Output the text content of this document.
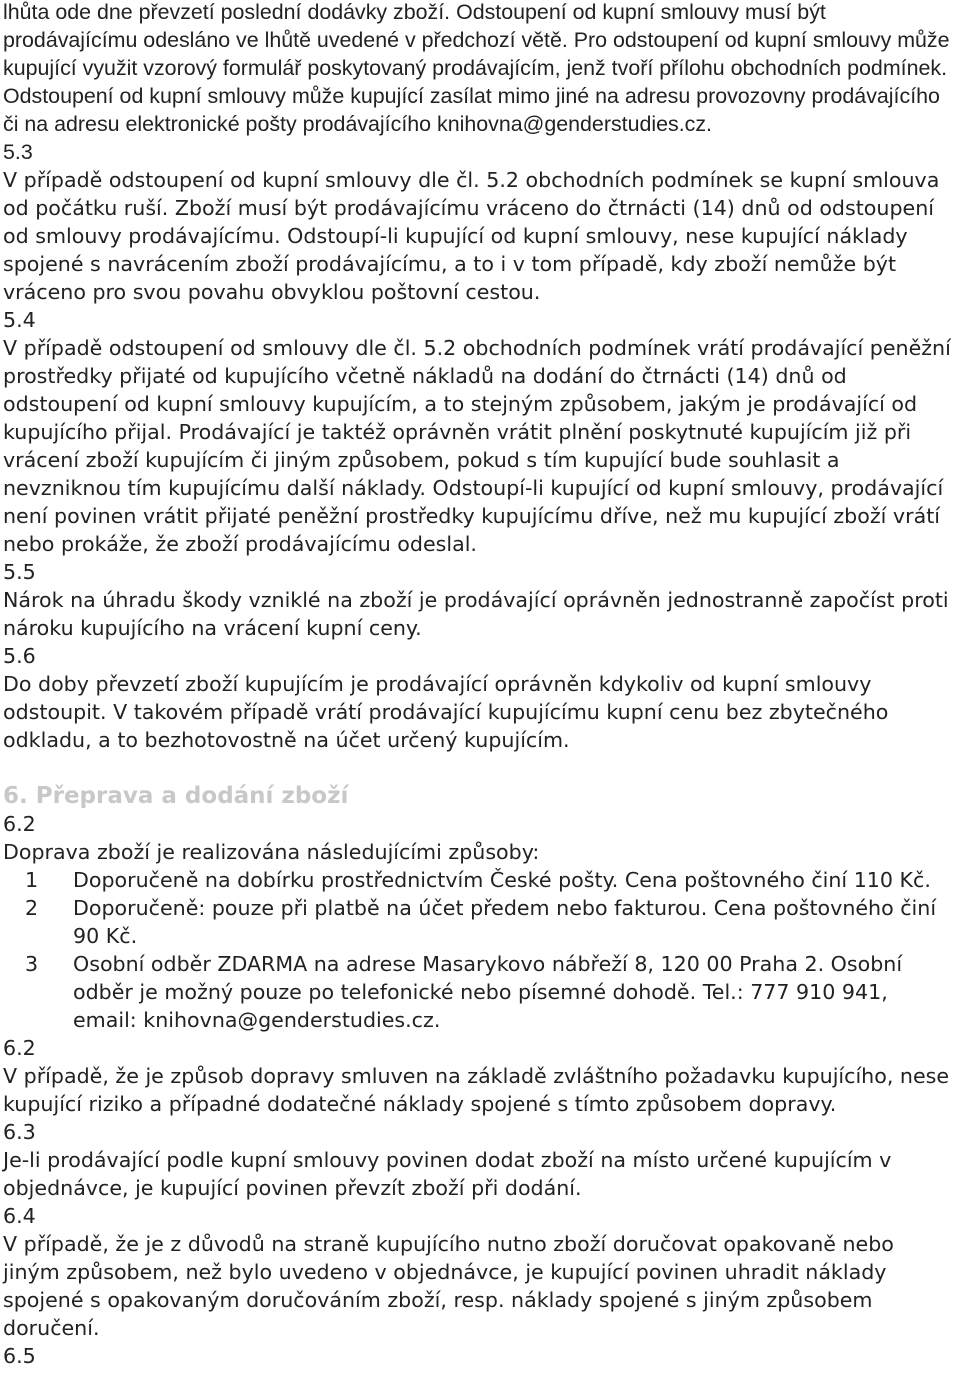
lhůta ode dne převzetí poslední dodávky zboží. Odstoupení od kupní smlouvy musí být prodávajícímu odesláno ve lhůtě uvedené v předchozí větě. Pro odstoupení od kupní smlouvy může kupující využit vzorový formulář poskytovaný prodávajícím, jenž tvoří přílohu obchodních podmínek. Odstoupení od kupní smlouvy může kupující zasílat mimo jiné na adresu provozovny prodávajícího či na adresu elektronické pošty prodávajícího knihovna@genderstudies.cz.

5.3

V případě odstoupení od kupní smlouvy dle čl. 5.2 obchodních podmínek se kupní smlouva od počátku ruší. Zboží musí být prodávajícímu vráceno do čtrnácti (14) dnů od odstoupení od smlouvy prodávajícímu. Odstoupí-li kupující od kupní smlouvy, nese kupující náklady spojené s navrácením zboží prodávajícímu, a to i v tom případě, kdy zboží nemůže být vráceno pro svou povahu obvyklou poštovní cestou.

5.4

V případě odstoupení od smlouvy dle čl. 5.2 obchodních podmínek vrátí prodávající peněžní prostředky přijaté od kupujícího včetně nákladů na dodání do čtrnácti (14) dnů od odstoupení od kupní smlouvy kupujícím, a to stejným způsobem, jakým je prodávající od kupujícího přijal. Prodávající je taktéž oprávněn vrátit plnění poskytnuté kupujícím již při vrácení zboží kupujícím či jiným způsobem, pokud s tím kupující bude souhlasit a nevzniknou tím kupujícímu další náklady. Odstoupí-li kupující od kupní smlouvy, prodávající není povinen vrátit přijaté peněžní prostředky kupujícímu dříve, než mu kupující zboží vrátí nebo prokáže, že zboží prodávajícímu odeslal.

5.5

Nárok na úhradu škody vzniklé na zboží je prodávající oprávněn jednostranně započíst proti nároku kupujícího na vrácení kupní ceny.

5.6

Do doby převzetí zboží kupujícím je prodávající oprávněn kdykoliv od kupní smlouvy odstoupit. V takovém případě vrátí prodávající kupujícímu kupní cenu bez zbytečného odkladu, a to bezhotovostně na účet určený kupujícím.

6. Přeprava a dodání zboží

6.2

Doprava zboží je realizována následujícími způsoby:

1	Doporučeně na dobírku prostřednictvím České pošty. Cena poštovného činí 110 Kč.
2	Doporučeně: pouze při platbě na účet předem nebo fakturou. Cena poštovného činí 90 Kč.
3	Osobní odběr ZDARMA na adrese Masarykovo nábřeží 8, 120 00 Praha 2. Osobní odběr je možný pouze po telefonické nebo písemné dohodě. Tel.: 777 910 941, email: knihovna@genderstudies.cz.

6.2

V případě, že je způsob dopravy smluven na základě zvláštního požadavku kupujícího, nese kupující riziko a případné dodatečné náklady spojené s tímto způsobem dopravy.

6.3

Je-li prodávající podle kupní smlouvy povinen dodat zboží na místo určené kupujícím v objednávce, je kupující povinen převzít zboží při dodání.

6.4

V případě, že je z důvodů na straně kupujícího nutno zboží doručovat opakovaně nebo jiným způsobem, než bylo uvedeno v objednávce, je kupující povinen uhradit náklady spojené s opakovaným doručováním zboží, resp. náklady spojené s jiným způsobem doručení.

6.5
